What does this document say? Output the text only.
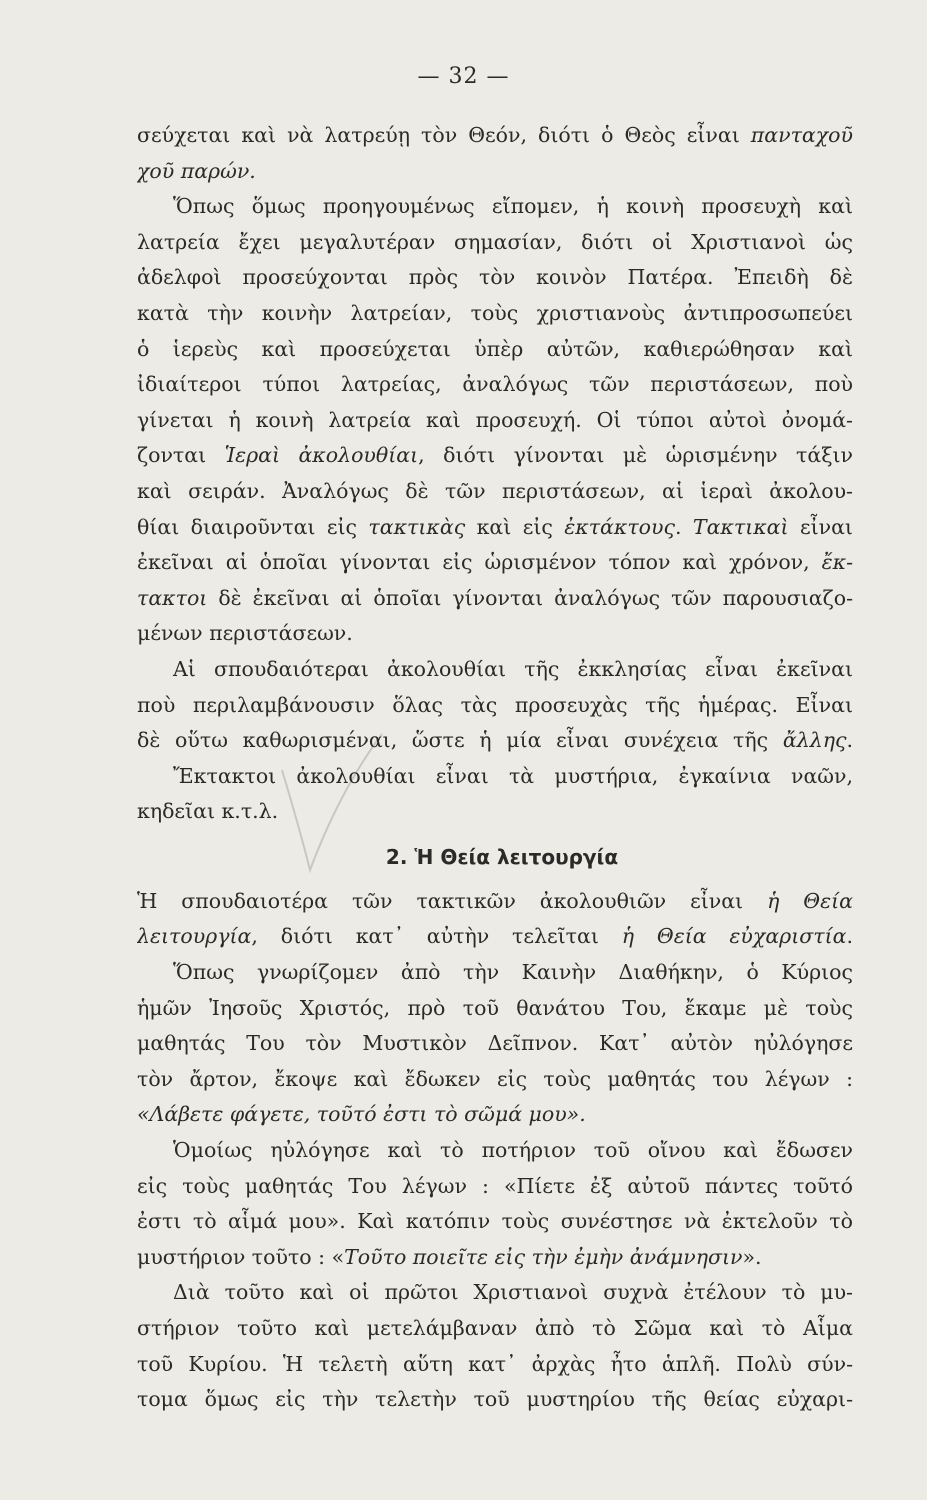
— 32 —
σεύχεται καὶ νὰ λατρεύῃ τὸν Θεόν, διότι ὁ Θεὸς εἶναι πανταχοῦ
χοῦ παρών.
Ὅπως ὅμως προηγουμένως εἴπομεν, ἡ κοινὴ προσευχὴ καὶ
λατρεία ἔχει μεγαλυτέραν σημασίαν, διότι οἱ Χριστιανοὶ ὡς
ἀδελφοὶ προσεύχονται πρὸς τὸν κοινὸν Πατέρα. Ἐπειδὴ δὲ
κατὰ τὴν κοινὴν λατρείαν, τοὺς χριστιανοὺς ἀντιπροσωπεύει
ὁ ἱερεὺς καὶ προσεύχεται ὑπὲρ αὐτῶν, καθιερώθησαν καὶ
ἰδιαίτεροι τύποι λατρείας, ἀναλόγως τῶν περιστάσεων, ποὺ
γίνεται ἡ κοινὴ λατρεία καὶ προσευχή. Οἱ τύποι αὐτοὶ ὀνομά-
ζονται Ἱεραὶ ἀκολουθίαι, διότι γίνονται μὲ ὡρισμένην τάξιν
καὶ σειράν. Ἀναλόγως δὲ τῶν περιστάσεων, αἱ ἱεραὶ ἀκολου-
θίαι διαιροῦνται εἰς τακτικὰς καὶ εἰς ἐκτάκτους. Τακτικαὶ εἶναι
ἐκεῖναι αἱ ὁποῖαι γίνονται εἰς ὡρισμένον τόπον καὶ χρόνον, ἔκ-
τακτοι δὲ ἐκεῖναι αἱ ὁποῖαι γίνονται ἀναλόγως τῶν παρουσιαζο-
μένων περιστάσεων.
Αἱ σπουδαιότεραι ἀκολουθίαι τῆς ἐκκλησίας εἶναι ἐκεῖναι
ποὺ περιλαμβάνουσιν ὅλας τὰς προσευχὰς τῆς ἡμέρας. Εἶναι
δὲ οὕτω καθωρισμέναι, ὥστε ἡ μία εἶναι συνέχεια τῆς ἄλλης.
Ἔκτακτοι ἀκολουθίαι εἶναι τὰ μυστήρια, ἐγκαίνια ναῶν,
κηδεῖαι κ.τ.λ.
2. Ἡ Θεία λειτουργία
Ἡ σπουδαιοτέρα τῶν τακτικῶν ἀκολουθιῶν εἶναι ἡ Θεία
λειτουργία, διότι κατ᾽ αὐτὴν τελεῖται ἡ Θεία εὐχαριστία.
Ὅπως γνωρίζομεν ἀπὸ τὴν Καινὴν Διαθήκην, ὁ Κύριος
ἡμῶν Ἰησοῦς Χριστός, πρὸ τοῦ θανάτου Του, ἔκαμε μὲ τοὺς
μαθητάς Του τὸν Μυστικὸν Δεῖπνον. Κατ᾽ αὐτὸν ηὐλόγησε
τὸν ἄρτον, ἔκοψε καὶ ἔδωκεν εἰς τοὺς μαθητάς του λέγων :
«Λάβετε φάγετε, τοῦτό ἐστι τὸ σῶμά μου».
Ὁμοίως ηὐλόγησε καὶ τὸ ποτήριον τοῦ οἴνου καὶ ἔδωσεν
εἰς τοὺς μαθητάς Του λέγων : «Πίετε ἐξ αὐτοῦ πάντες τοῦτό
ἐστι τὸ αἷμά μου». Καὶ κατόπιν τοὺς συνέστησε νὰ ἐκτελοῦν τὸ
μυστήριον τοῦτο : «Τοῦτο ποιεῖτε εἰς τὴν ἐμὴν ἀνάμνησιν».
Διὰ τοῦτο καὶ οἱ πρῶτοι Χριστιανοὶ συχνὰ ἐτέλουν τὸ μυ-
στήριον τοῦτο καὶ μετελάμβαναν ἀπὸ τὸ Σῶμα καὶ τὸ Αἷμα
τοῦ Κυρίου. Ἡ τελετὴ αὕτη κατ᾽ ἀρχὰς ἦτο ἁπλῆ. Πολὺ σύν-
τομα ὅμως εἰς τὴν τελετὴν τοῦ μυστηρίου τῆς θείας εὐχαρι-
